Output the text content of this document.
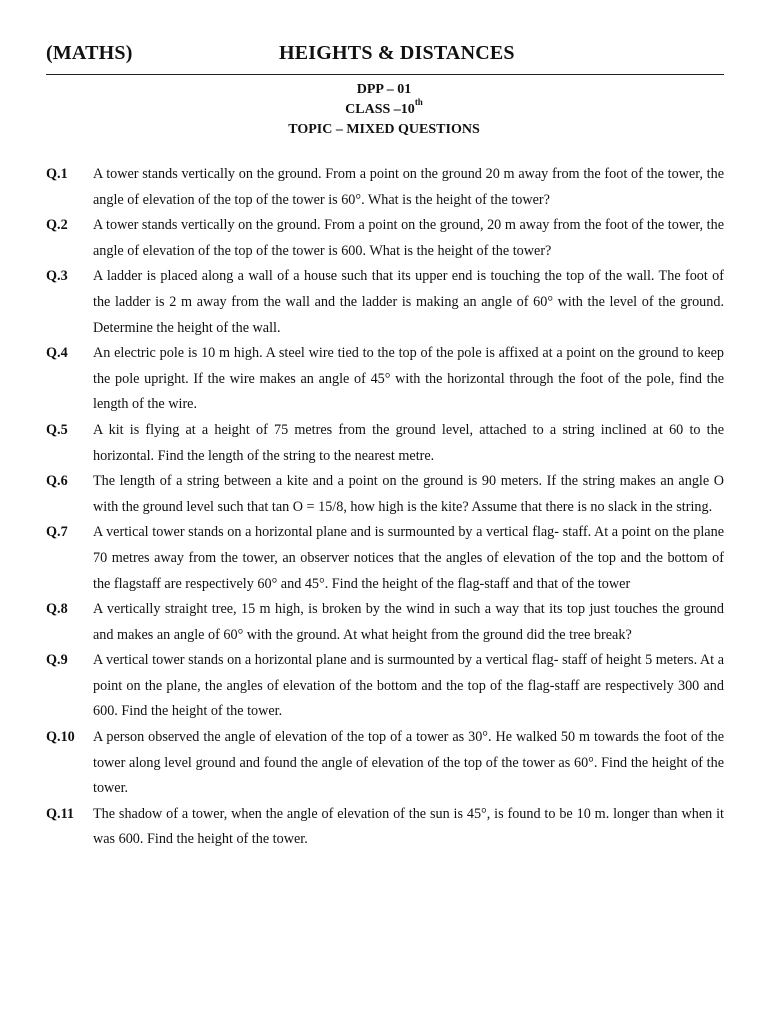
(MATHS)	HEIGHTS & DISTANCES
DPP – 01
CLASS –10th
TOPIC – MIXED QUESTIONS
Q.1 A tower stands vertically on the ground. From a point on the ground 20 m away from the foot of the tower, the angle of elevation of the top of the tower is 60°. What is the height of the tower?
Q.2 A tower stands vertically on the ground. From a point on the ground, 20 m away from the foot of the tower, the angle of elevation of the top of the tower is 600. What is the height of the tower?
Q.3 A ladder is placed along a wall of a house such that its upper end is touching the top of the wall. The foot of the ladder is 2 m away from the wall and the ladder is making an angle of 60° with the level of the ground. Determine the height of the wall.
Q.4 An electric pole is 10 m high. A steel wire tied to the top of the pole is affixed at a point on the ground to keep the pole upright. If the wire makes an angle of 45° with the horizontal through the foot of the pole, find the length of the wire.
Q.5 A kit is flying at a height of 75 metres from the ground level, attached to a string inclined at 60 to the horizontal. Find the length of the string to the nearest metre.
Q.6 The length of a string between a kite and a point on the ground is 90 meters. If the string makes an angle O with the ground level such that tan O = 15/8, how high is the kite? Assume that there is no slack in the string.
Q.7 A vertical tower stands on a horizontal plane and is surmounted by a vertical flag- staff. At a point on the plane 70 metres away from the tower, an observer notices that the angles of elevation of the top and the bottom of the flagstaff are respectively 60° and 45°. Find the height of the flag-staff and that of the tower
Q.8 A vertically straight tree, 15 m high, is broken by the wind in such a way that its top just touches the ground and makes an angle of 60° with the ground. At what height from the ground did the tree break?
Q.9 A vertical tower stands on a horizontal plane and is surmounted by a vertical flag- staff of height 5 meters. At a point on the plane, the angles of elevation of the bottom and the top of the flag-staff are respectively 300 and 600. Find the height of the tower.
Q.10 A person observed the angle of elevation of the top of a tower as 30°. He walked 50 m towards the foot of the tower along level ground and found the angle of elevation of the top of the tower as 60°. Find the height of the tower.
Q.11 The shadow of a tower, when the angle of elevation of the sun is 45°, is found to be 10 m. longer than when it was 600. Find the height of the tower.
